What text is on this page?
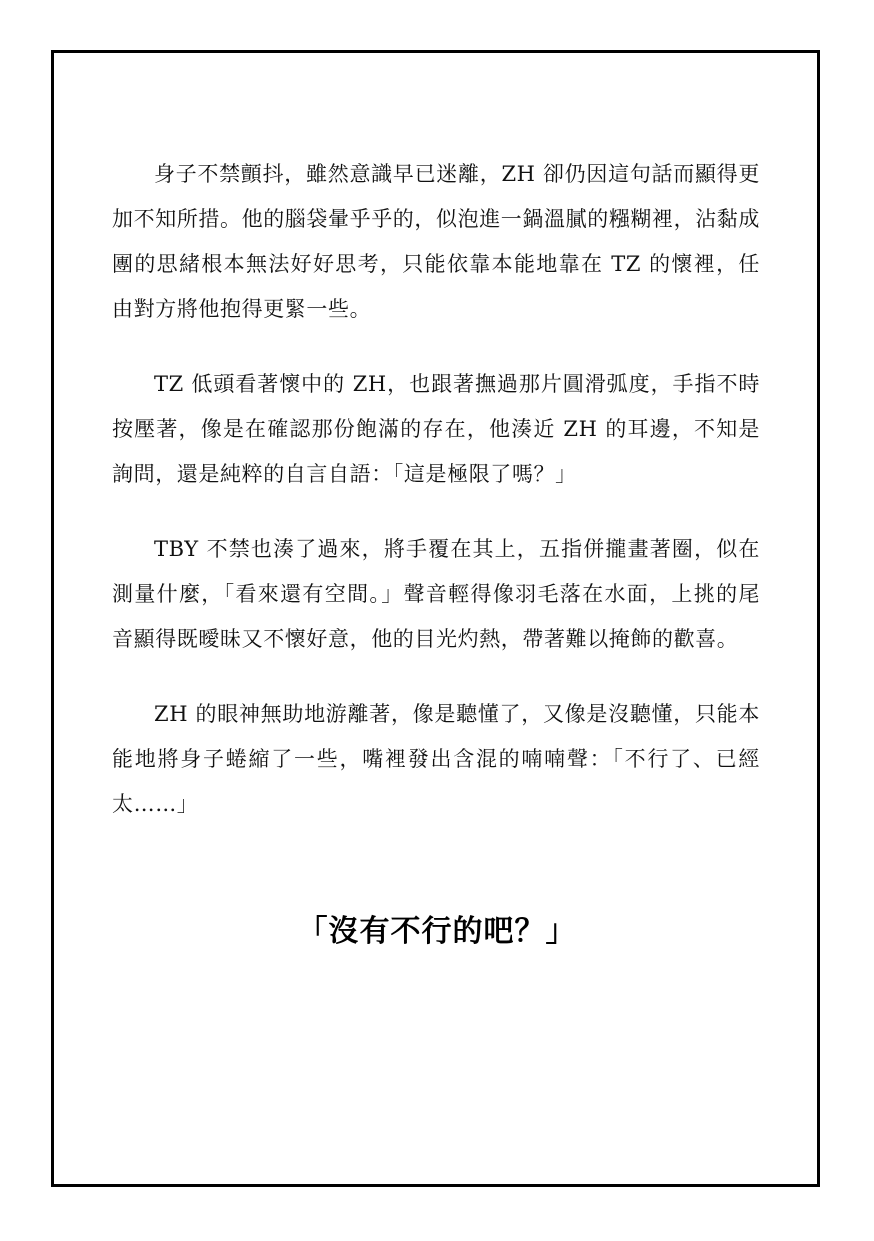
身子不禁顫抖，雖然意識早已迷離，ZH 卻仍因這句話而顯得更加不知所措。他的腦袋暈乎乎的，似泡進一鍋溫膩的糨糊裡，沾黏成團的思緒根本無法好好思考，只能依靠本能地靠在 TZ 的懷裡，任由對方將他抱得更緊一些。

TZ 低頭看著懷中的 ZH，也跟著撫過那片圓滑弧度，手指不時按壓著，像是在確認那份飽滿的存在，他湊近 ZH 的耳邊，不知是詢問，還是純粹的自言自語：「這是極限了嗎？」

TBY 不禁也湊了過來，將手覆在其上，五指併攏畫著圈，似在測量什麼，「看來還有空間。」聲音輕得像羽毛落在水面，上挑的尾音顯得既曖昧又不懷好意，他的目光灼熱，帶著難以掩飾的歡喜。

ZH 的眼神無助地游離著，像是聽懂了，又像是沒聽懂，只能本能地將身子蜷縮了一些，嘴裡發出含混的喃喃聲：「不行了、已經太……」

「沒有不行的吧？」
